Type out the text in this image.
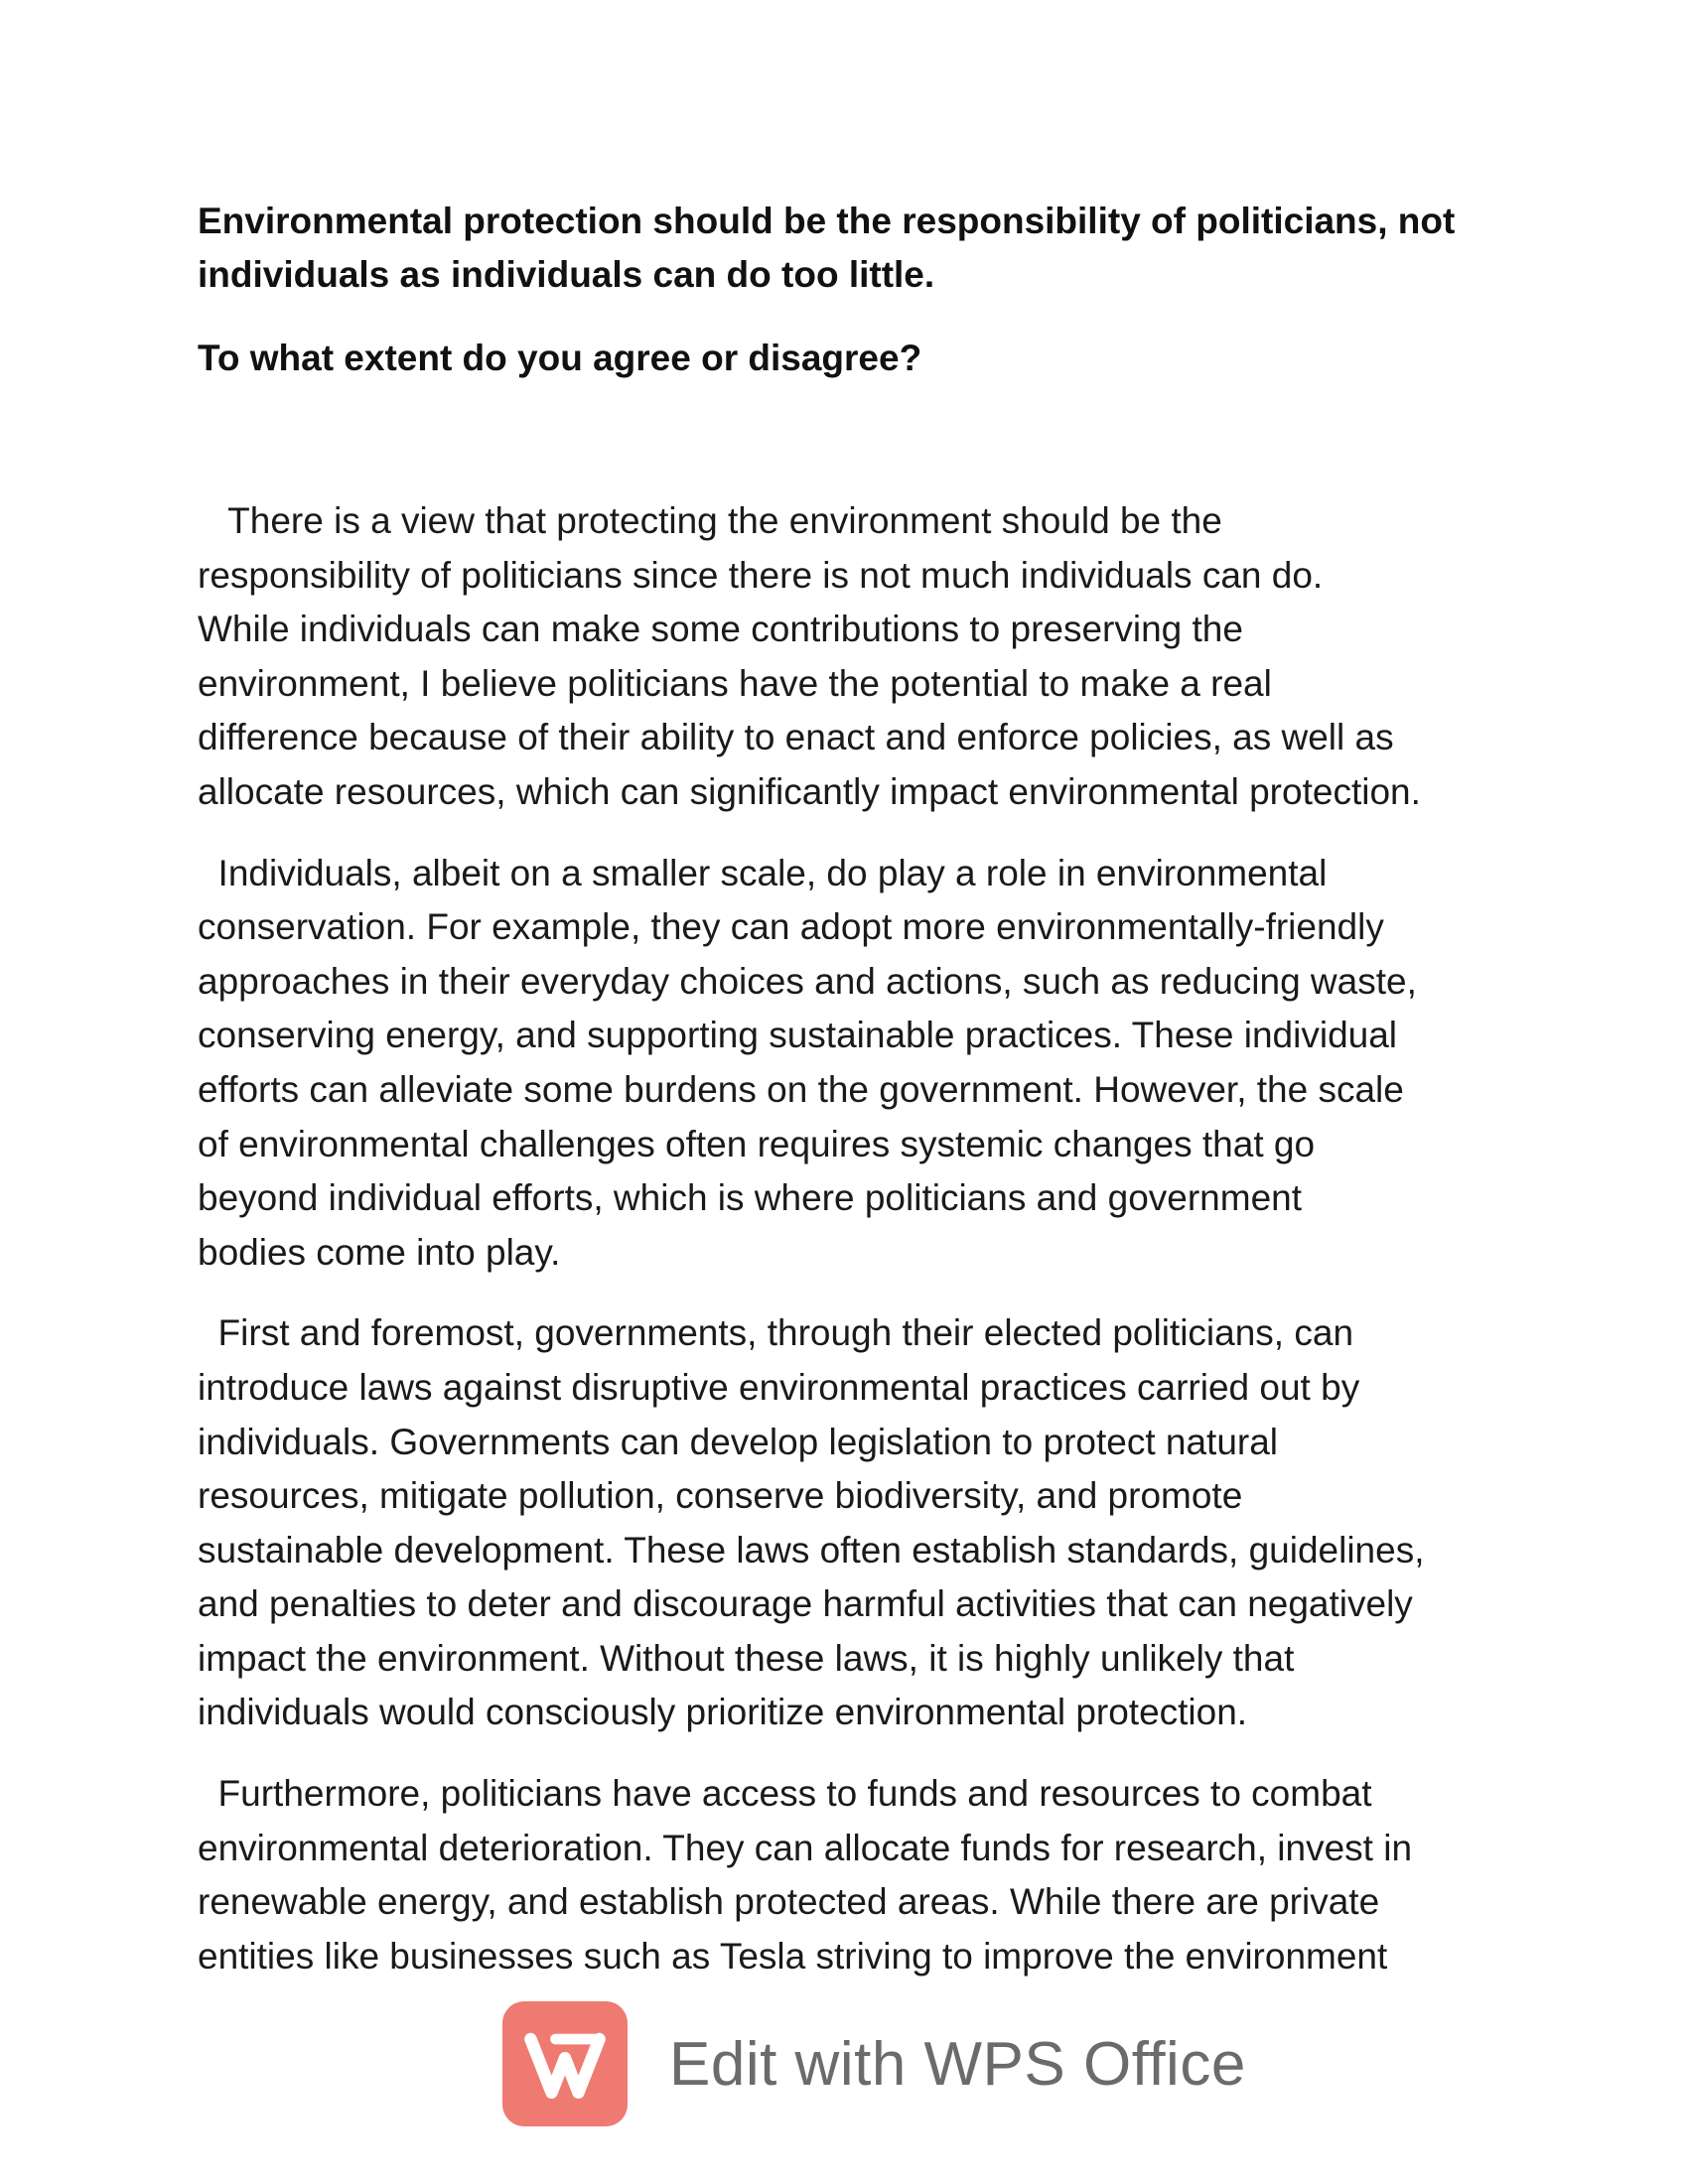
Environmental protection should be the responsibility of politicians, not
individuals as individuals can do too little.
To what extent do you agree or disagree?
There is a view that protecting the environment should be the
responsibility of politicians since there is not much individuals can do.
While individuals can make some contributions to preserving the
environment, I believe politicians have the potential to make a real
difference because of their ability to enact and enforce policies, as well as
allocate resources, which can significantly impact environmental protection.
Individuals, albeit on a smaller scale, do play a role in environmental
conservation. For example, they can adopt more environmentally-friendly
approaches in their everyday choices and actions, such as reducing waste,
conserving energy, and supporting sustainable practices. These individual
efforts can alleviate some burdens on the government. However, the scale
of environmental challenges often requires systemic changes that go
beyond individual efforts, which is where politicians and government
bodies come into play.
First and foremost, governments, through their elected politicians, can
introduce laws against disruptive environmental practices carried out by
individuals. Governments can develop legislation to protect natural
resources, mitigate pollution, conserve biodiversity, and promote
sustainable development. These laws often establish standards, guidelines,
and penalties to deter and discourage harmful activities that can negatively
impact the environment. Without these laws, it is highly unlikely that
individuals would consciously prioritize environmental protection.
Furthermore, politicians have access to funds and resources to combat
environmental deterioration. They can allocate funds for research, invest in
renewable energy, and establish protected areas. While there are private
entities like businesses such as Tesla striving to improve the environment
Edit with WPS Office
